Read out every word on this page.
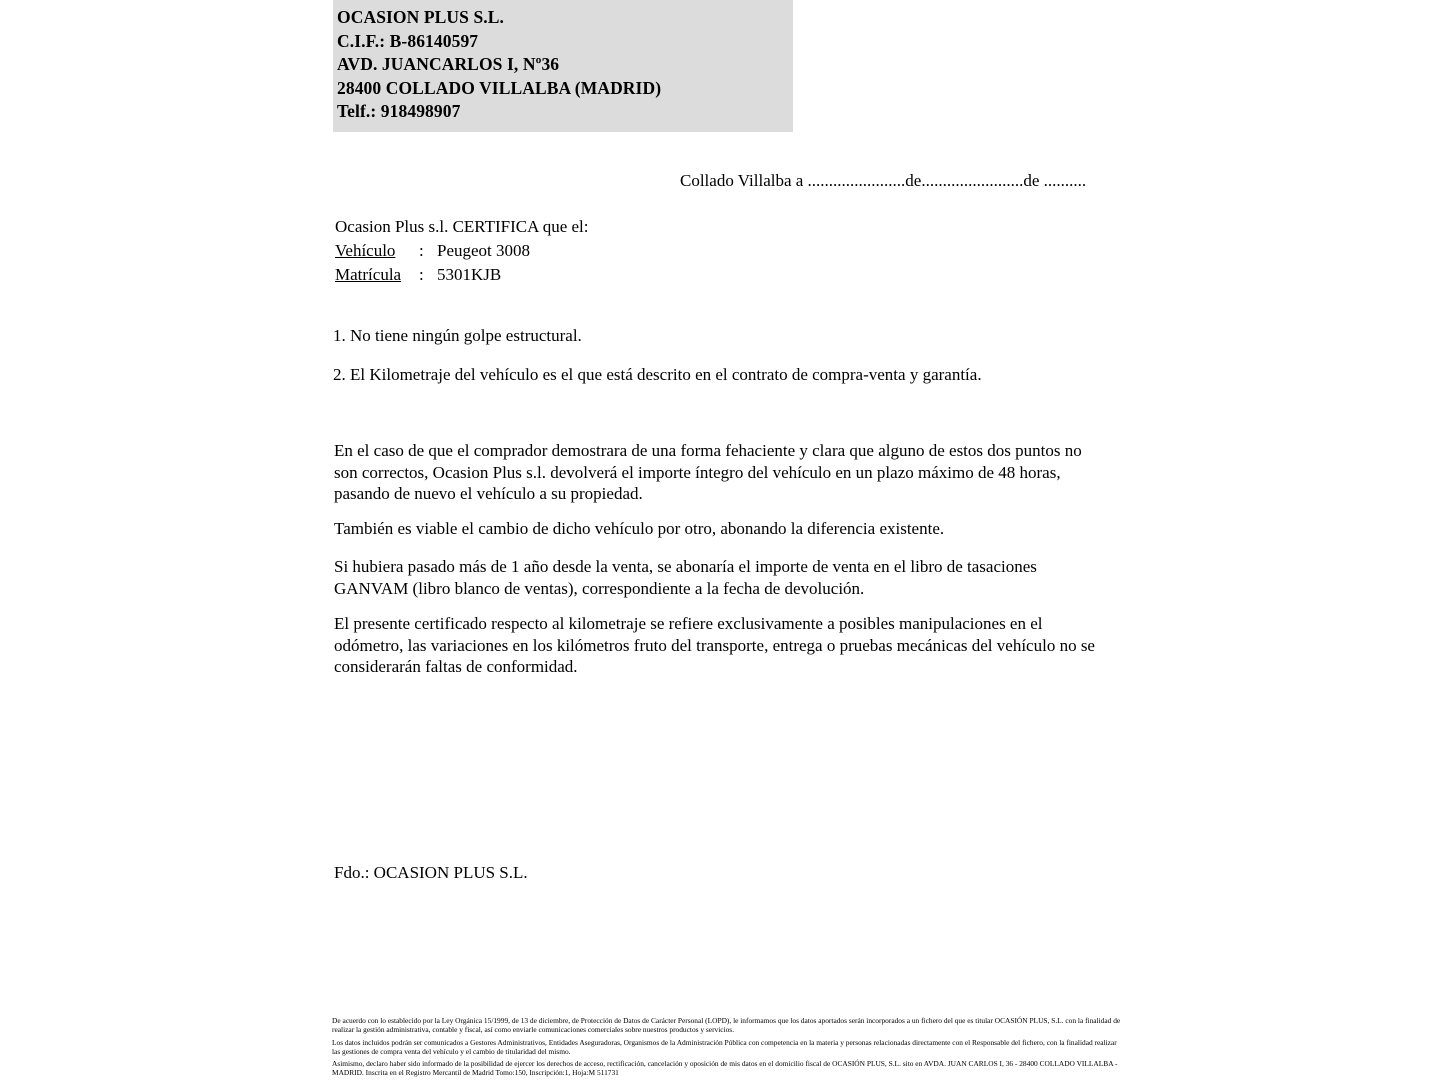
OCASION PLUS S.L.
C.I.F.: B-86140597
AVD. JUANCARLOS I, Nº36
28400 COLLADO VILLALBA (MADRID)
Telf.: 918498907
Collado Villalba a .......................de........................de ..........
Ocasion Plus s.l. CERTIFICA que el:
Vehículo	: Peugeot 3008
Matrícula	: 5301KJB
1. No tiene ningún golpe estructural.
2. El Kilometraje del vehículo es el que está descrito en el contrato de compra-venta y garantía.
En el caso de que el comprador demostrara de una forma fehaciente y clara que alguno de estos dos puntos no son correctos, Ocasion Plus s.l. devolverá el importe íntegro del vehículo en un plazo máximo de 48 horas, pasando de nuevo el vehículo a su propiedad.
También es viable el cambio de dicho vehículo por otro, abonando la diferencia existente.
Si hubiera pasado más de 1 año desde la venta, se abonaría el importe de venta en el libro de tasaciones GANVAM (libro blanco de ventas), correspondiente a la fecha de devolución.
El presente certificado respecto al kilometraje se refiere exclusivamente a posibles manipulaciones en el odómetro, las variaciones en los kilómetros fruto del transporte, entrega o pruebas mecánicas del vehículo no se considerarán faltas de conformidad.
Fdo.: OCASION PLUS S.L.

De acuerdo con lo establecido por la Ley Orgánica 15/1999, de 13 de diciembre, de Protección de Datos de Carácter Personal (LOPD), le informamos que los datos aportados serán incorporados a un fichero del que es titular OCASIÓN PLUS, S.L. con la finalidad de realizar la gestión administrativa, contable y fiscal, así como enviarle comunicaciones comerciales sobre nuestros productos y servicios.

Los datos incluidos podrán ser comunicados a Gestores Administrativos, Entidades Aseguradoras, Organismos de la Administración Pública con competencia en la materia y personas relacionadas directamente con el Responsable del fichero, con la finalidad realizar las gestiones de compra venta del vehículo y el cambio de titularidad del mismo.

Asimismo, declaro haber sido informado de la posibilidad de ejercer los derechos de acceso, rectificación, cancelación y oposición de mis datos en el domicilio fiscal de OCASIÓN PLUS, S.L. sito en AVDA. JUAN CARLOS I, 36 - 28400 COLLADO VILLALBA - MADRID. Inscrita en el Registro Mercantil de Madrid Tomo:150, Inscripción:1, Hoja:M 511731
